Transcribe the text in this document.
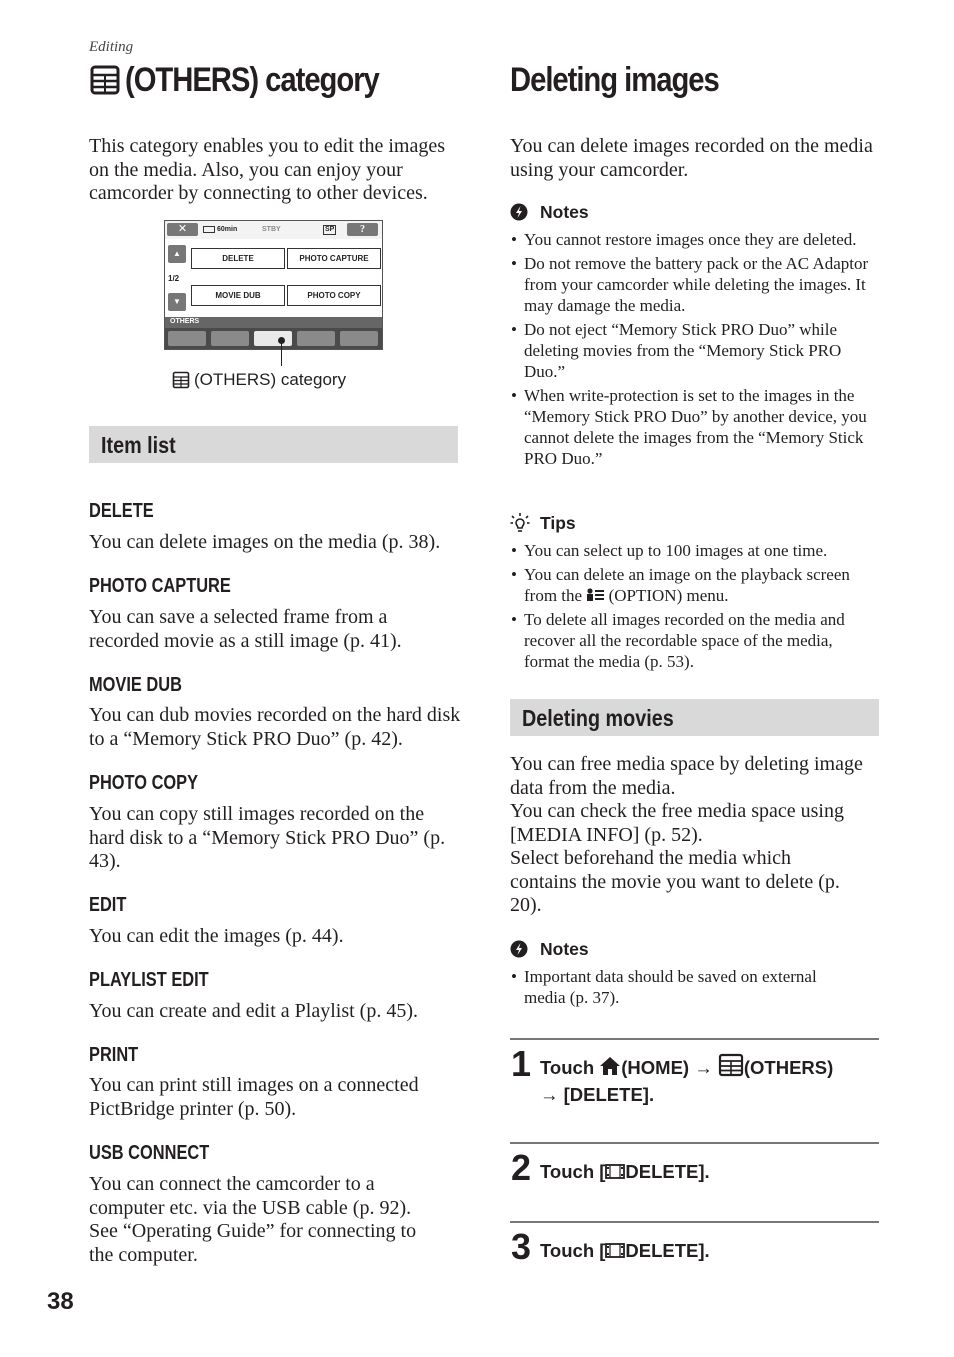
Editing
(OTHERS) category	Deleting images
This category enables you to edit the images on the media. Also, you can enjoy your camcorder by connecting to other devices.
✕	60min	STBY	SP	?
▲
1/2
▼
DELETE	PHOTO CAPTURE
MOVIE DUB	PHOTO COPY
OTHERS
(OTHERS) category
Item list
DELETE
You can delete images on the media (p. 38).
PHOTO CAPTURE
You can save a selected frame from a recorded movie as a still image (p. 41).
MOVIE DUB
You can dub movies recorded on the hard disk to a “Memory Stick PRO Duo” (p. 42).
PHOTO COPY
You can copy still images recorded on the hard disk to a “Memory Stick PRO Duo” (p. 43).
EDIT
You can edit the images (p. 44).
PLAYLIST EDIT
You can create and edit a Playlist (p. 45).
PRINT
You can print still images on a connected PictBridge printer (p. 50).
USB CONNECT
You can connect the camcorder to a computer etc. via the USB cable (p. 92). See “Operating Guide” for connecting to the computer.
38
You can delete images recorded on the media using your camcorder.
Notes
• You cannot restore images once they are deleted.
• Do not remove the battery pack or the AC Adaptor from your camcorder while deleting the images. It may damage the media.
• Do not eject “Memory Stick PRO Duo” while deleting movies from the “Memory Stick PRO Duo.”
• When write-protection is set to the images in the “Memory Stick PRO Duo” by another device, you cannot delete the images from the “Memory Stick PRO Duo.”
Tips
• You can select up to 100 images at one time.
• You can delete an image on the playback screen from the  (OPTION) menu.
• To delete all images recorded on the media and recover all the recordable space of the media, format the media (p. 53).
Deleting movies
You can free media space by deleting image data from the media.
You can check the free media space using [MEDIA INFO] (p. 52).
Select beforehand the media which contains the movie you want to delete (p. 20).
Notes
• Important data should be saved on external media (p. 37).
1 Touch (HOME) → (OTHERS)
→ [DELETE].
2 Touch [ DELETE].
3 Touch [ DELETE].
